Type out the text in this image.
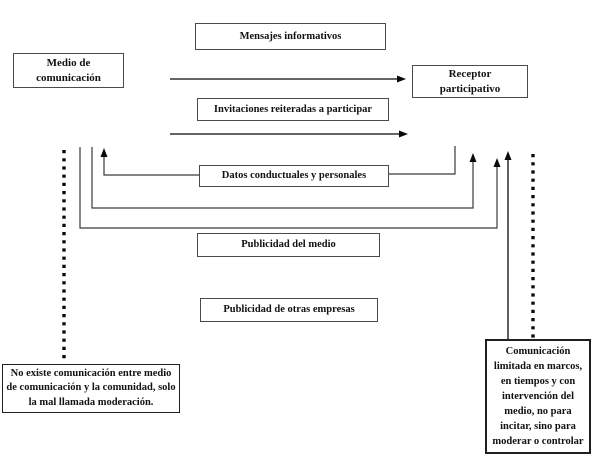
Medio de
comunicación
Mensajes informativos
Invitaciones reiteradas a participar
Receptor
participativo
Datos conductuales y personales
Publicidad del medio
Publicidad de otras empresas
No existe comunicación entre medio de comunicación y la comunidad, solo la mal llamada moderación.
Comunicación limitada en marcos, en tiempos y con intervención del medio, no para incitar, sino para moderar o controlar
